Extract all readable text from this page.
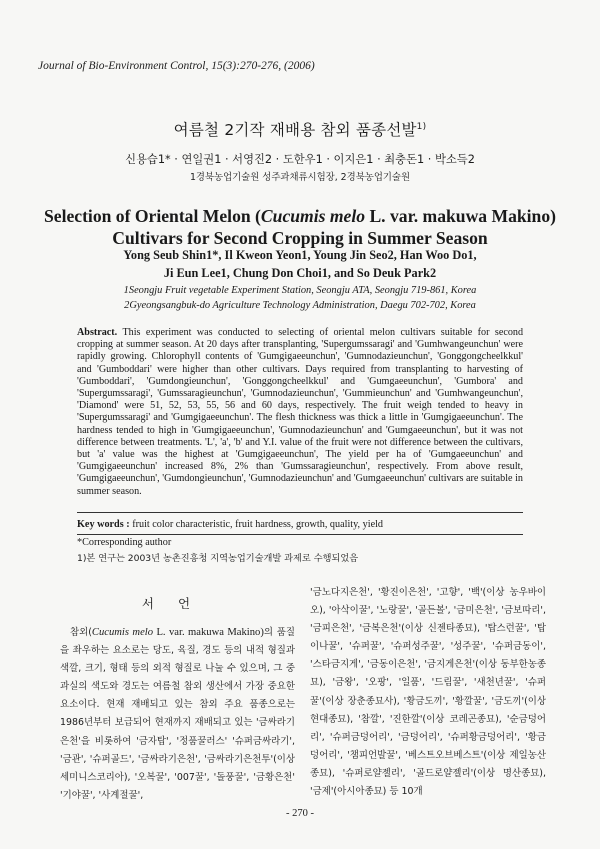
Journal of Bio-Environment Control, 15(3):270-276, (2006)
여름철 2기작 재배용 참외 품종선발$^{1)}$
신용습1* · 연일권1 · 서영진2 · 도한우1 · 이지은1 · 최충돈1 · 박소득2
1경북농업기술원 성주과채류시험장, 2경북농업기술원
Selection of Oriental Melon (Cucumis melo L. var. makuwa Makino)
Cultivars for Second Cropping in Summer Season
Yong Seub Shin1*, Il Kweon Yeon1, Young Jin Seo2, Han Woo Do1,
Ji Eun Lee1, Chung Don Choi1, and So Deuk Park2
1Seongju Fruit vegetable Experiment Station, Seongju ATA, Seongju 719-861, Korea
2Gyeongsangbuk-do Agriculture Technology Administration, Daegu 702-702, Korea

Abstract. This experiment was conducted to selecting of oriental melon cultivars suitable for second cropping at summer season. At 20 days after transplanting, 'Supergumssaragi' and 'Gumhwangeunchun' were rapidly growing. Chlorophyll contents of 'Gumgigaeeunchun', 'Gumnodazieunchun', 'Gonggongcheelkkul' and 'Gumboddari' were higher than other cultivars. Days required from transplanting to harvesting of 'Gumboddari', 'Gumdongieunchun', 'Gonggongcheelkkul' and 'Gumgaeeunchun', 'Gumbora' and 'Supergumssaragi', 'Gumssaragieunchun', 'Gumnodazieunchun', 'Gummieunchun' and 'Gumhwangeunchun', 'Diamond' were 51, 52, 53, 55, 56 and 60 days, respectively. The fruit weigh tended to heavy in 'Supergumssaragi' and 'Gumgigaeeunchun'. The flesh thickness was thick a little in 'Gumgigaeeunchun'. The hardness tended to high in 'Gumgigaeeunchun', 'Gumnodazieunchun' and 'Gumgaeeunchun', but it was not difference between treatments. 'L', 'a', 'b' and Y.I. value of the fruit were not difference between the cultivars, but 'a' value was the highest at 'Gumgigaeeunchun', The yield per ha of 'Gumgaeeunchun' and 'Gumgigaeeunchun' increased 8%, 2% than 'Gumssaragieunchun', respectively. From above result, 'Gumgigaeeunchun', 'Gumdongieunchun', 'Gumnodazieunchun' and 'Gumgaeeunchun' cultivars are suitable in summer season.

Key words : fruit color characteristic, fruit hardness, growth, quality, yield

*Corresponding author

1)본 연구는 2003년 농촌진흥청 지역농업기술개발 과제로 수행되었음

서언

참외(Cucumis melo L. var. makuwa Makino)의 품질을 좌우하는 요소로는 당도, 육질, 경도 등의 내적 형질과 색깔, 크기, 형태 등의 외적 형질로 나눌 수 있으며, 그 중 과실의 색도와 경도는 여름철 참외 생산에서 가장 중요한 요소이다. 현재 재배되고 있는 참외 주요 품종으로는 1986년부터 보급되어 현재까지 재배되고 있는 '금싸라기은천'을 비롯하여 '금자탑', '정품꿀러스' '슈퍼금싸라기', '금관', '슈퍼골드', '금싸라기은천', '금싸라기은천투'(이상 세미니스코리아), '오복꿀', '007꿀', '돌풍꿀', '금황은천' '기야꿀', '사계절꿀',

'금노다지은천', '황진이은천', '고향', '백'(이상 농우바이오), '아삭이꿀', '노랑꿀', '골든볼', '금미은천', '금보따리', '금피은천', '금복은천'(이상 신젠타종묘), '탑스런꿀', '탑이나꿀', '슈퍼꿀', '슈퍼성주꿀', '성주꿀', '슈퍼금동이', '스타금지게', '금동이은천', '금지게은천'(이상 동부한농종묘), '금왕', '오팡', '일품', '드림꿀', '새천년꿀', '슈퍼꿀'(이상 장춘종묘사), '황금도끼', '황깔꿀', '금도끼'(이상 현대종묘), '참깔', '진한깔'(이상 코레곤종묘), '순금덩어리', '슈퍼금덩어리', '금덩어리', '슈퍼황금덩어리', '황금덩어리', '챔피언발꿀', '베스트오브베스트'(이상 제일농산종묘), '슈퍼로얄젤리', '골드로얄젤리'(이상 명산종묘), '금제'(아시아종묘) 등 10개

- 270 -
